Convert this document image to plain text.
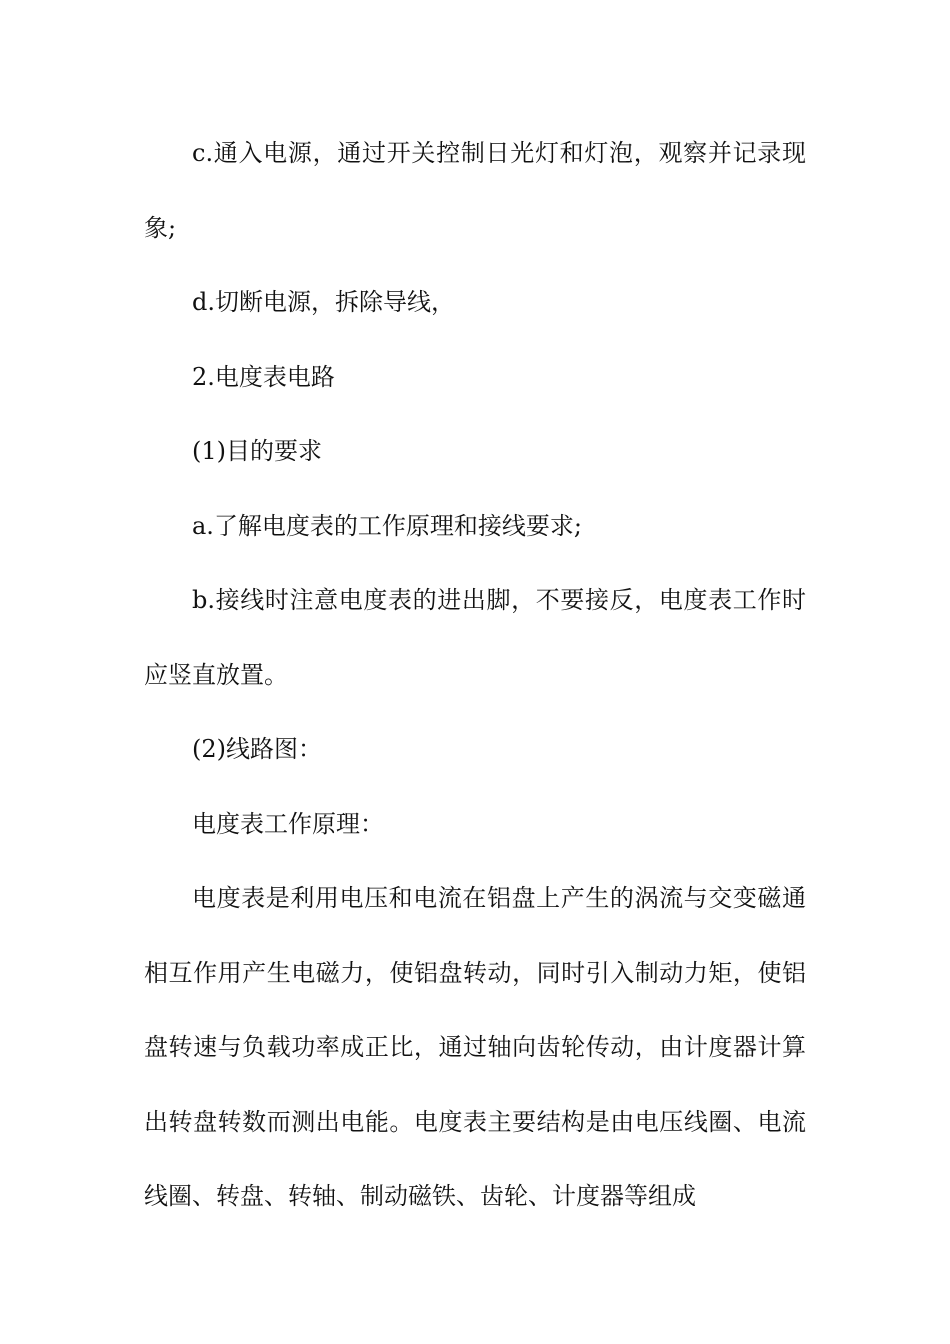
c.通入电源，通过开关控制日光灯和灯泡，观察并记录现象;

d.切断电源，拆除导线，

2.电度表电路

(1)目的要求

a.了解电度表的工作原理和接线要求;

b.接线时注意电度表的进出脚，不要接反，电度表工作时应竖直放置。

(2)线路图：

电度表工作原理：

电度表是利用电压和电流在铝盘上产生的涡流与交变磁通相互作用产生电磁力，使铝盘转动，同时引入制动力矩，使铝盘转速与负载功率成正比，通过轴向齿轮传动，由计度器计算出转盘转数而测出电能。电度表主要结构是由电压线圈、电流线圈、转盘、转轴、制动磁铁、齿轮、计度器等组成
